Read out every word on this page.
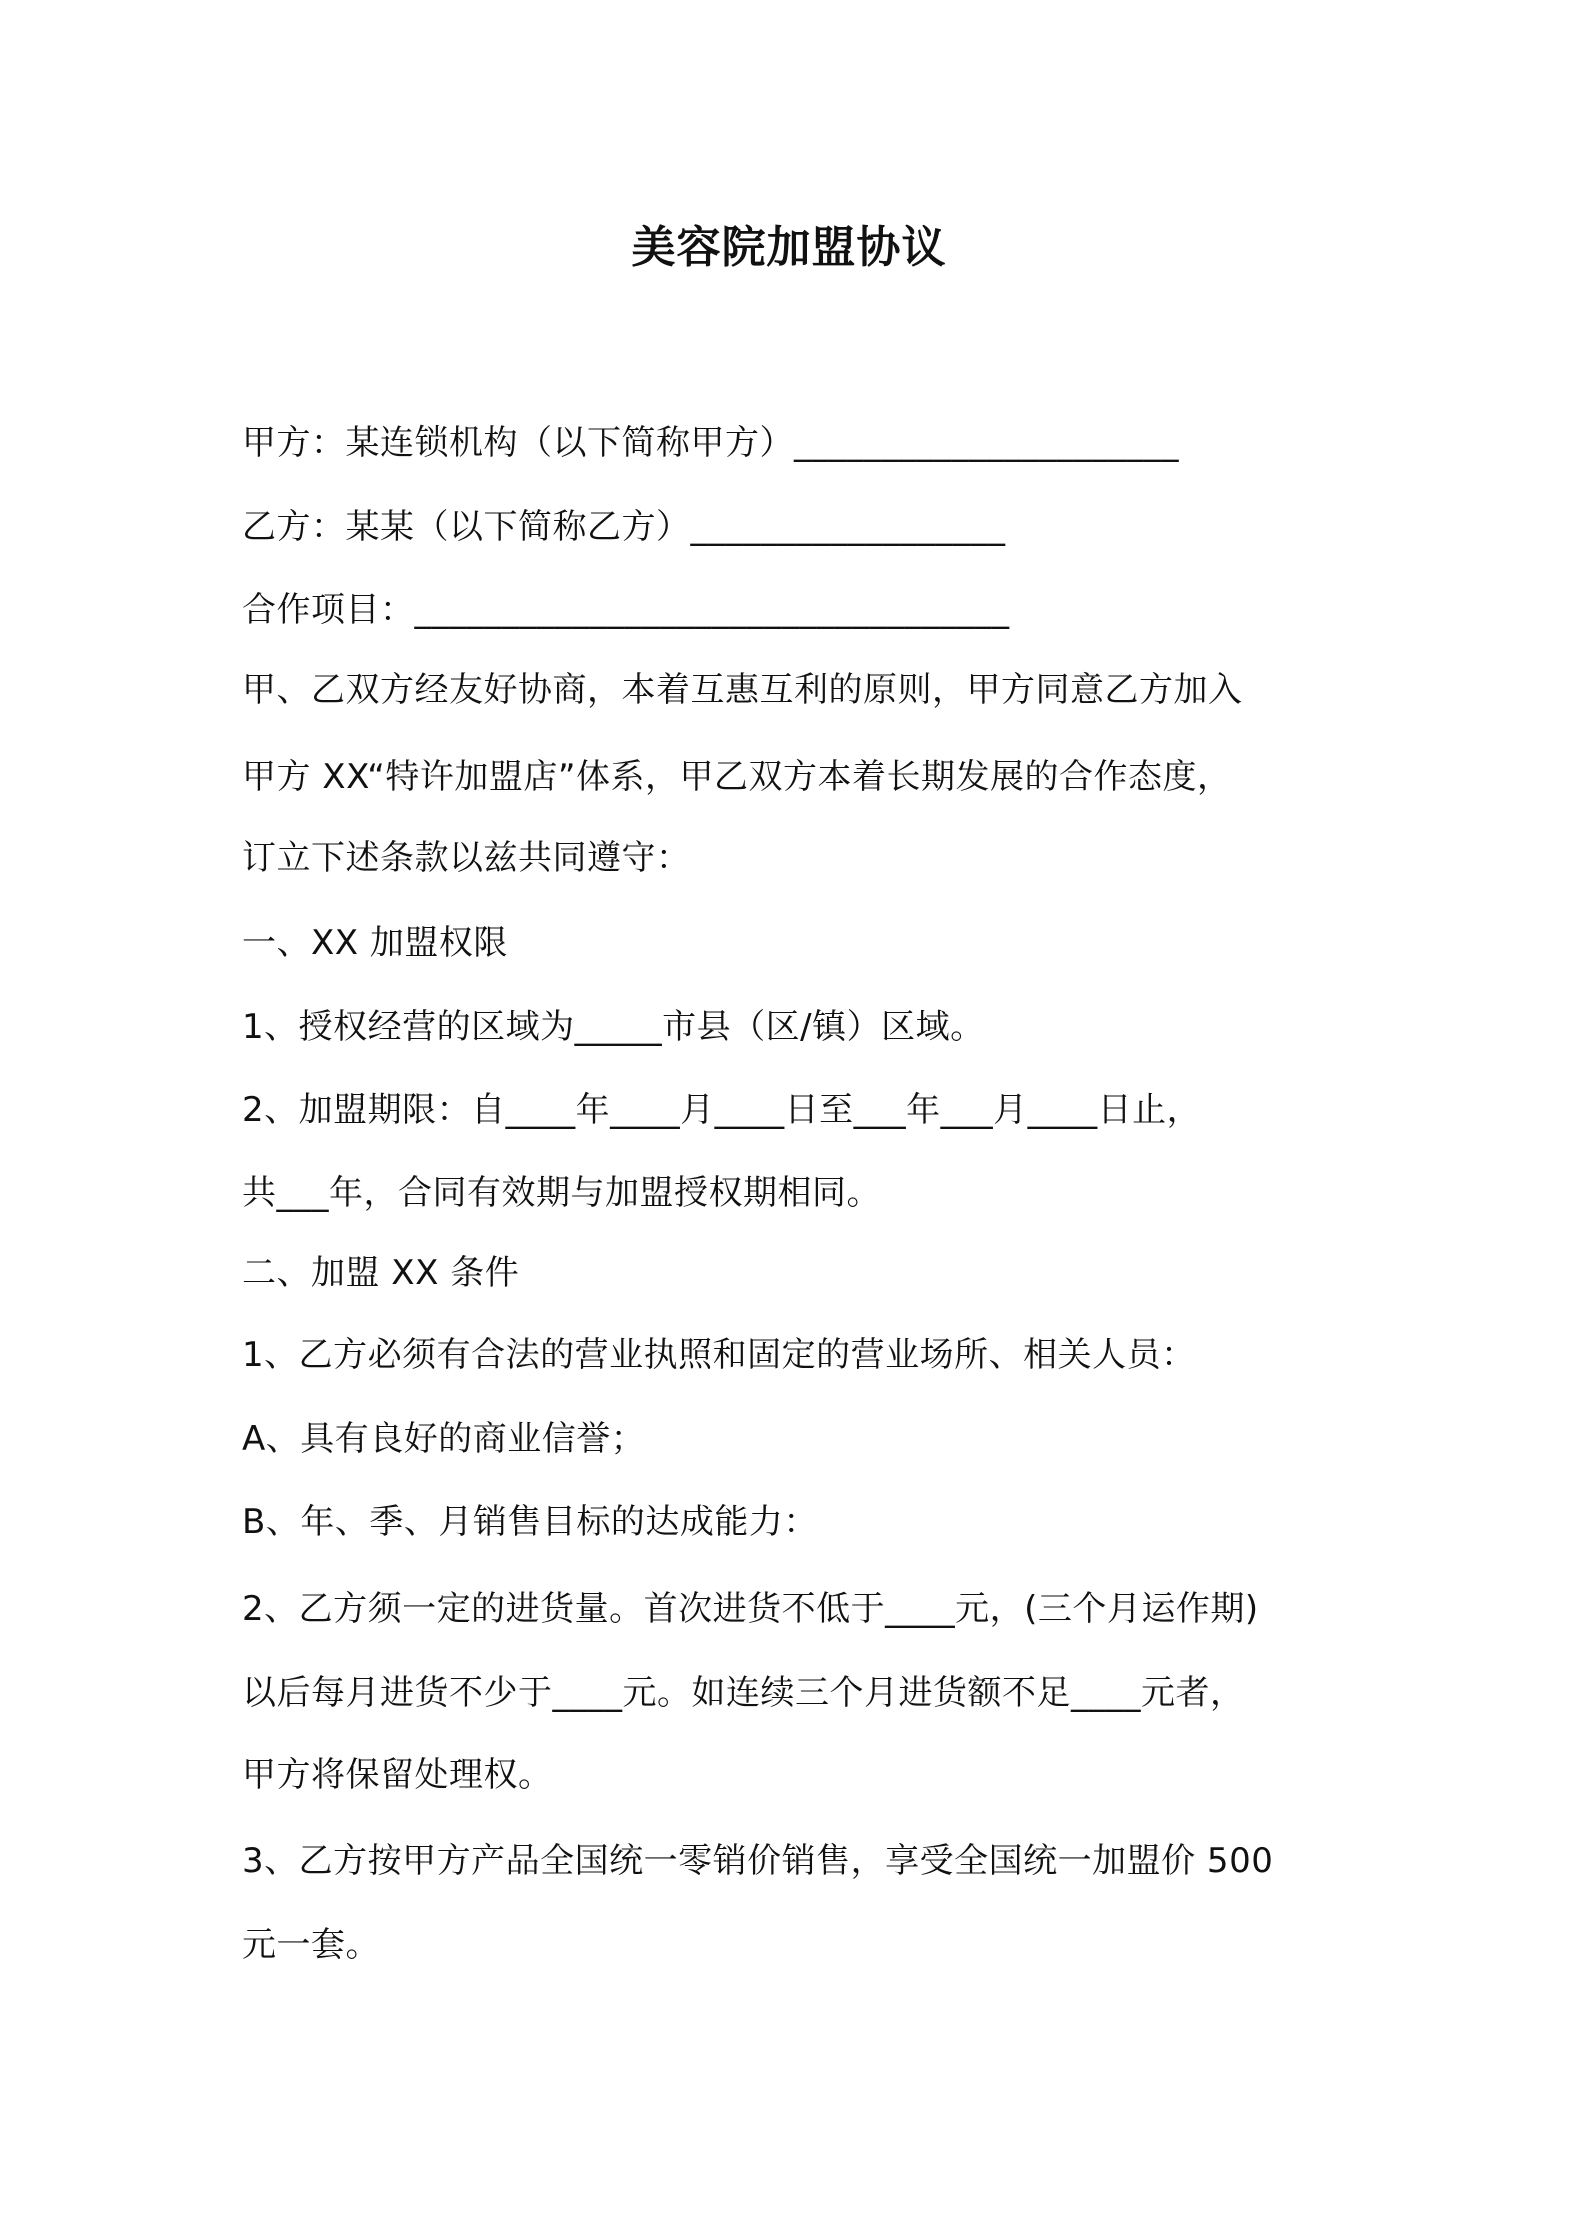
美容院加盟协议
甲方：某连锁机构（以下简称甲方）______________________
乙方：某某（以下简称乙方）__________________
合作项目：__________________________________
甲、乙双方经友好协商，本着互惠互利的原则，甲方同意乙方加入
甲方 XX“特许加盟店”体系，甲乙双方本着长期发展的合作态度，
订立下述条款以兹共同遵守：
一、XX 加盟权限
1、授权经营的区域为_____市县（区/镇）区域。
2、加盟期限：自____年____月____日至___年___月____日止，
共___年，合同有效期与加盟授权期相同。
二、加盟 XX 条件
1、乙方必须有合法的营业执照和固定的营业场所、相关人员：
A、具有良好的商业信誉；
B、年、季、月销售目标的达成能力：
2、乙方须一定的进货量。首次进货不低于____元，(三个月运作期)
以后每月进货不少于____元。如连续三个月进货额不足____元者，
甲方将保留处理权。
3、乙方按甲方产品全国统一零销价销售，享受全国统一加盟价 500
元一套。
